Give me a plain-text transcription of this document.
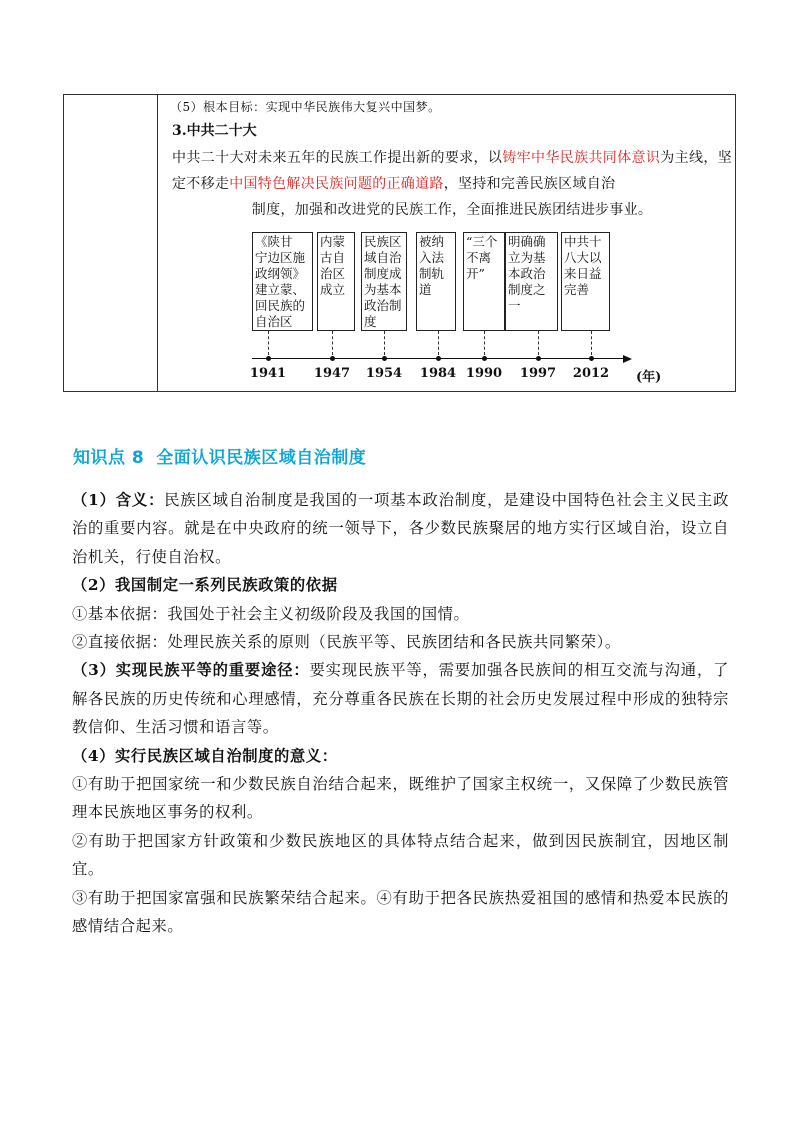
（5）根本目标：实现中华民族伟大复兴中国梦。
3.中共二十大
中共二十大对未来五年的民族工作提出新的要求，以铸牢中华民族共同体意识为主线，坚定不移走中国特色解决民族问题的正确道路，坚持和完善民族区域自治
制度，加强和改进党的民族工作，全面推进民族团结进步事业。
《陕甘
宁边区施
政纲领》
建立蒙、
回民族的
自治区
1941
内蒙
古自
治区
成立
1947
民族区
域自治
制度成
为基本
政治制
度
1954
被纳
入法
制轨
道
1984
“三个
不离
开”
1990
明确确
立为基
本政治
制度之
一
1997
中共十
八大以
来日益
完善
2012 (年)
知识点 8 全面认识民族区域自治制度

（1）含义：民族区域自治制度是我国的一项基本政治制度，是建设中国特色社会主义民主政治的重要内容。就是在中央政府的统一领导下，各少数民族聚居的地方实行区域自治，设立自治机关，行使自治权。

（2）我国制定一系列民族政策的依据

①基本依据：我国处于社会主义初级阶段及我国的国情。

②直接依据：处理民族关系的原则（民族平等、民族团结和各民族共同繁荣）。

（3）实现民族平等的重要途径：要实现民族平等，需要加强各民族间的相互交流与沟通，了解各民族的历史传统和心理感情，充分尊重各民族在长期的社会历史发展过程中形成的独特宗教信仰、生活习惯和语言等。

（4）实行民族区域自治制度的意义：

①有助于把国家统一和少数民族自治结合起来，既维护了国家主权统一，又保障了少数民族管理本民族地区事务的权利。

②有助于把国家方针政策和少数民族地区的具体特点结合起来，做到因民族制宜，因地区制宜。

③有助于把国家富强和民族繁荣结合起来。④有助于把各民族热爱祖国的感情和热爱本民族的感情结合起来。
